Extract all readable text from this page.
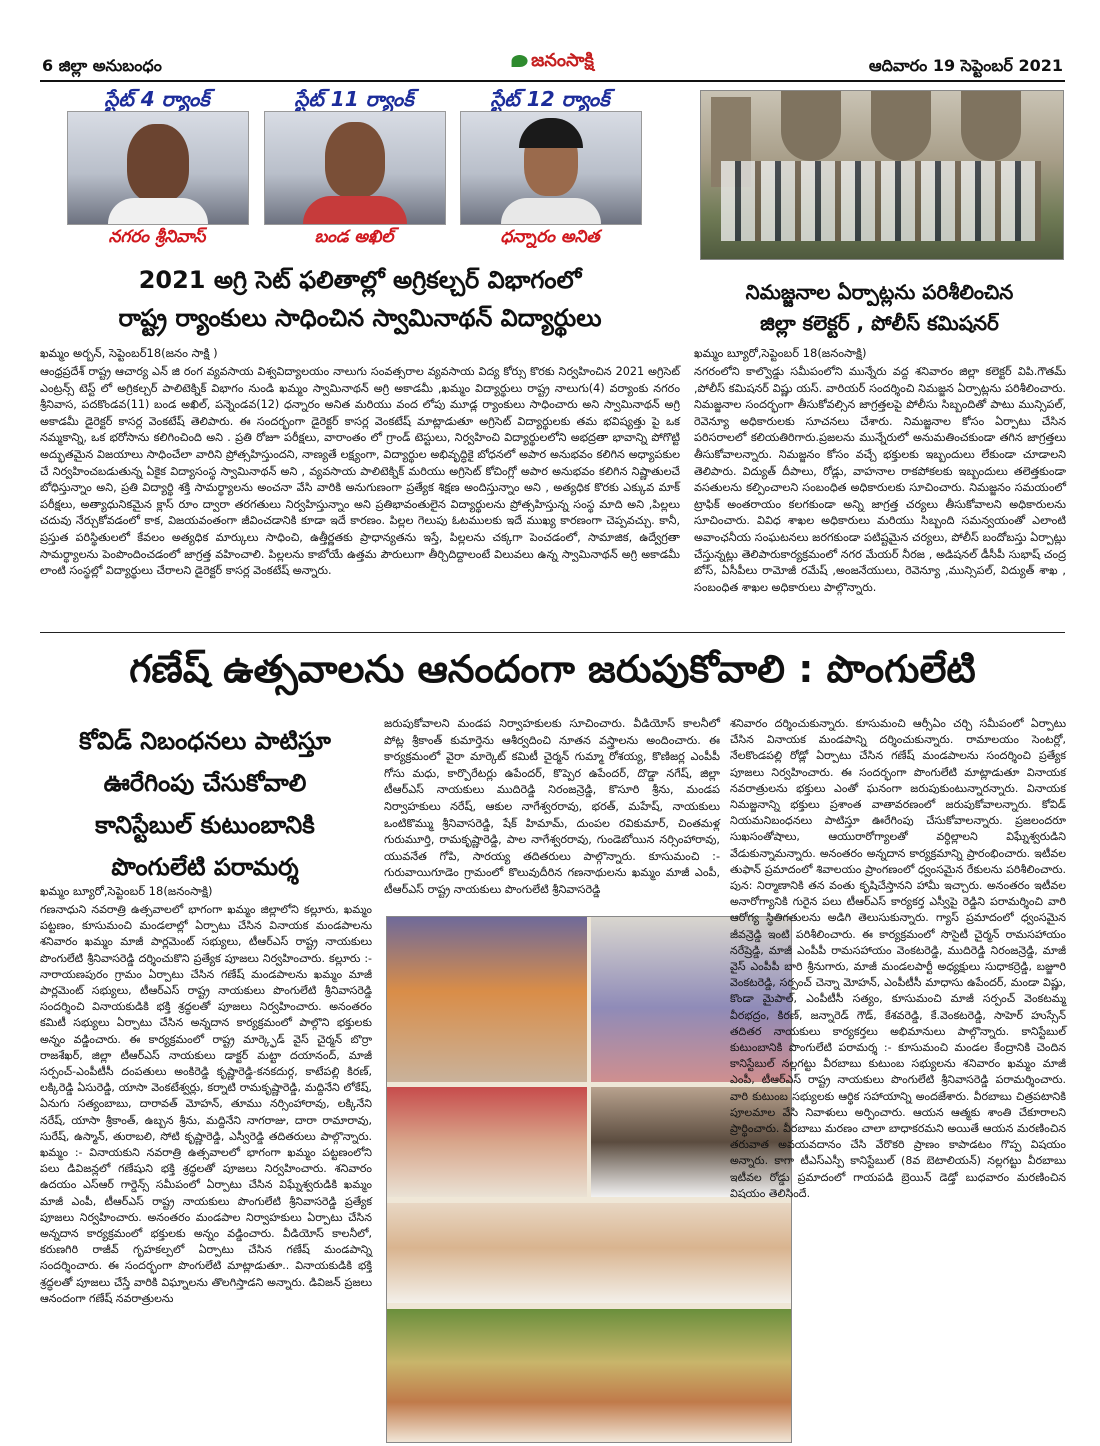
6 జిల్లా అనుబంధం	జనంసాక్షి	ఆదివారం 19 సెప్టెంబర్ 2021
స్టేట్ 4 ర్యాంక్
నగరం శ్రీనివాస్
స్టేట్ 11 ర్యాంక్
బండ అఖిల్
స్టేట్ 12 ర్యాంక్
ధన్నారం అనిత
2021 అగ్రి సెట్ ఫలితాల్లో అగ్రికల్చర్ విభాగంలో
రాష్ట్ర ర్యాంకులు సాధించిన స్వామినాథన్ విద్యార్థులు
ఖమ్మం అర్బన్, సెప్టెంబర్18(జనం సాక్షి )
ఆంధ్రప్రదేశ్ రాష్ట్ర ఆచార్య ఎన్ జి రంగ వ్యవసాయ విశ్వవిద్యాలయం నాలుగు సంవత్సరాల వ్యవసాయ విద్య కోర్సు కొరకు నిర్వహించిన 2021 అగ్రిసెట్ ఎంట్రన్స్ టెస్ట్ లో అగ్రికల్చర్ పాలిటెక్నిక్ విభాగం నుండి ఖమ్మం స్వామినాథన్ అగ్రి అకాడమీ ,ఖమ్మం విద్యార్థులు రాష్ట్ర నాలుగు(4) వర్యాంకు నగరం శ్రీనివాస, పదకొండవ(11) బండ అఖిల్, పన్నెండవ(12) ధన్నారం అనిత మరియు వంద లోపు మూడ్ల ర్యాంకులు సాధించారు అని స్వామినాథన్ అగ్రి అకాడమీ డైరెక్టర్ కాసర్ల వెంకటేష్ తెలిపారు. ఈ సందర్భంగా డైరెక్టర్ కాసర్ల వెంకటేష్ మాట్లాడుతూ అగ్రిసెట్ విద్యార్థులకు తమ భవిష్యత్తు పై ఒక నమ్మకాన్ని, ఒక భరోసాను కలిగించింది అని . ప్రతి రోజూ పరీక్షలు, వారాంతం లో గ్రాండ్ టెస్టులు, నిర్వహించి విద్యార్థులలోని అభద్రతా భావాన్ని పోగొట్టి అద్భుతమైన విజయాలు సాధించేలా వారిని ప్రోత్సహిస్తుందని, నాణ్యతే లక్ష్యంగా, విద్యార్థుల అభివృద్ధికై బోధనలో అపార అనుభవం కలిగిన అధ్యాపకుల చే నిర్వహించబడుతున్న ఏకైక విద్యాసంస్థ స్వామినాథన్ అని , వ్యవసాయ పాలిటెక్నిక్ మరియు అగ్రిసెట్ కోచింగ్లో అపార అనుభవం కలిగిన నిష్ణాతులచే బోధిస్తున్నాం అని, ప్రతి విద్యార్థి శక్తి సామర్థ్యాలను అంచనా వేసి వారికి అనుగుణంగా ప్రత్యేక శిక్షణ అందిస్తున్నాం అని , అత్యధిక కొరకు ఎక్కువ మాక్ పరీక్షలు, అత్యాధునికమైన క్లాస్ రూం ద్వారా తరగతులు నిర్వహిస్తున్నాం అని ప్రతిభావంతులైన విద్యార్థులను ప్రోత్సహిస్తున్న సంస్థ మాది అని ,పిల్లలు చదువు నేర్చుకోవడంలో కాక, విజయవంతంగా జీవించడానికి కూడా ఇదే కారణం. పిల్లల గెలుపు ఓటములకు ఇదే ముఖ్య కారణంగా చెప్పవచ్చు. కానీ, ప్రస్తుత పరిస్థితులలో కేవలం అత్యధిక మార్కులు సాధించి, ఉత్తీర్ణతకు ప్రాధాన్యతను ఇస్తే, పిల్లలను చక్కగా పెంచడంలో, సామాజిక, ఉద్వేగ్రతా సామర్థ్యాలను పెంపొందించడంలో జాగ్రత్త వహించాలి. పిల్లలను కాబోయే ఉత్తమ పౌరులుగా తీర్చిదిద్దాలంటే విలువలు ఉన్న స్వామినాథన్ అగ్రి అకాడమీ లాంటి సంస్థల్లో విద్యార్థులు చేరాలని డైరెక్టర్ కాసర్ల వెంకటేష్ అన్నారు.
నిమజ్జనాల ఏర్పాట్లను పరిశీలించిన
జిల్లా కలెక్టర్ , పోలీస్ కమిషనర్
ఖమ్మం బ్యూరో,సెప్టెంబర్ 18(జనంసాక్షి)
నగరంలోని కాల్వొడ్డు సమీపంలోని మున్నేరు వద్ద శనివారం జిల్లా కలెక్టర్ విపి.గౌతమ్ ,పోలీస్ కమిషనర్ విష్ణు యస్. వారియర్ సందర్శించి నిమజ్జన ఏర్పాట్లను పరిశీలించారు. నిమజ్జనాల సందర్భంగా తీసుకోవల్సిన జాగ్రత్తలపై పోలీసు సిబ్బందితో పాటు మున్సిపల్, రెవెన్యూ అధికారులకు సూచనలు చేశారు. నిమజ్జనాల కోసం ఏర్పాటు చేసిన పరిసరాలలో కలియతిరిగారు.ప్రజలను మున్నేరులో అనుమతించకుండా తగిన జాగ్రత్తలు తీసుకోవాలన్నారు. నిమజ్జనం కోసం వచ్చే భక్తులకు ఇబ్బందులు లేకుండా చూడాలని తెలిపారు. విద్యుత్ దీపాలు, రోడ్లు, వాహనాల రాకపోకలకు ఇబ్బందులు తలెత్తకుండా వసతులను కల్పించాలని సంబంధిత అధికారులకు సూచించారు. నిమజ్జనం సమయంలో ట్రాఫిక్ అంతరాయం కలగకుండా అన్ని జాగ్రత్త చర్యలు తీసుకోవాలని అధికారులను సూచించారు. వివిధ శాఖల అధికారులు మరియు సిబ్బంది సమన్వయంతో ఎలాంటి అవాంఛనీయ సంఘటనలు జరగకుండా పటిష్టమైన చర్యలు, పోలీస్ బందోబస్తు ఏర్పాట్లు చేస్తున్నట్లు తెలిపారుకార్యక్రమంలో నగర మేయర్ నీరజ , అడిషనల్ డీసీపీ సుభాష్ చంద్ర బోస్, ఏసీపీలు రామోజీ రమేష్ ,అంజనేయులు, రెవెన్యూ ,మున్సిపల్, విద్యుత్ శాఖ , సంబంధిత శాఖల అధికారులు పాల్గొన్నారు.
గణేష్ ఉత్సవాలను ఆనందంగా జరుపుకోవాలి : పొంగులేటి
కోవిడ్ నిబంధనలు పాటిస్తూ
ఊరేగింపు చేసుకోవాలి
కానిస్టేబుల్ కుటుంబానికి
పొంగులేటి పరామర్శ
ఖమ్మం బ్యూరో,సెప్టెంబర్ 18(జనంసాక్షి)
గణనాధుని నవరాత్రి ఉత్సవాలలో భాగంగా ఖమ్మం జిల్లాలోని కల్లూరు, ఖమ్మం పట్టణం, కూసుమంచి మండలాల్లో ఏర్పాటు చేసిన వినాయక మండపాలను శనివారం ఖమ్మం మాజీ పార్లమెంట్ సభ్యులు, టీఆర్ఎస్ రాష్ట్ర నాయకులు పొంగులేటి శ్రీనివాసరెడ్డి దర్శించుకొని ప్రత్యేక పూజలు నిర్వహించారు. కల్లూరు :- నారాయణపురం గ్రామం ఏర్పాటు చేసిన గణేష్ మండపాలను ఖమ్మం మాజీ పార్లమెంట్ సభ్యులు, టీఆర్ఎస్ రాష్ట్ర నాయకులు పొంగులేటి శ్రీనివాసరెడ్డి సందర్శించి వినాయకుడికి భక్తి శ్రద్ధలతో పూజలు నిర్వహించారు. అనంతరం కమిటీ సభ్యులు ఏర్పాటు చేసిన అన్నదాన కార్యక్రమంలో పాల్గొని భక్తులకు అన్నం వడ్డించారు. ఈ కార్యక్రమంలో రాష్ట్ర మార్క్ఫెడ్ వైస్ చైర్మన్ బొర్రా రాజశేఖర్, జిల్లా టీఆర్ఎస్ నాయకులు డాక్టర్ మట్టా దయానంద్, మాజీ సర్పంచ్-ఎంపీటీసీ దంపతులు అంకిరెడ్డి కృష్ణారెడ్డి-కనకదుర్గ, కాటేపల్లి కిరణ్, లక్కిరెడ్డి ఏసురెడ్డి, యాసా వెంకటేశ్వర్లు, కర్నాటి రామకృష్ణారెడ్డి, మద్దినేని లోకేష్, ఏనుగు సత్యంబాబు, దారావత్ మోహన్, తూము నర్సింహారావు, లక్కినేని నరేష్, యాసా శ్రీకాంత్, ఉబ్బన శ్రీను, మద్దినేని నాగరాజు, దారా రామారావు, సురేష్, ఉస్మాన్, తురాబలి, సోటి కృష్ణారెడ్డి, ఎస్వీరెడ్డి తదితరులు పాల్గొన్నారు. ఖమ్మం :- వినాయకుని నవరాత్రి ఉత్సవాలలో భాగంగా ఖమ్మం పట్టణంలోని పలు డివిజన్లలో గణేషుని భక్తి శ్రద్ధలతో పూజలు నిర్వహించారు. శనివారం ఉదయం ఎస్ఆర్ గార్డెన్స్ సమీపంలో ఏర్పాటు చేసిన విఘ్నేశ్వరుడికి ఖమ్మం మాజీ ఎంపీ, టీఆర్ఎస్ రాష్ట్ర నాయకులు పొంగులేటి శ్రీనివాసరెడ్డి ప్రత్యేక పూజలు నిర్వహించారు. అనంతరం మండపాల నిర్వాహకులు ఏర్పాటు చేసిన అన్నదాన కార్యక్రమంలో భక్తులకు అన్నం వడ్డించారు. వీడియోస్ కాలనీలో, కరుణగిరి రాజీవ్ గృహకల్పలో ఏర్పాటు చేసిన గణేష్ మండపాన్ని సందర్శించారు. ఈ సందర్భంగా పొంగులేటి మాట్లాడుతూ.. వినాయకుడికి భక్తి శ్రద్ధలతో పూజలు చేస్తే వారికి విఘ్నాలను తొలగిస్తాడని అన్నారు. డివిజన్ ప్రజలు ఆనందంగా గణేష్ నవరాత్రులను
జరుపుకోవాలని మండప నిర్వాహకులకు సూచించారు. వీడియోస్ కాలనీలో పోట్ల శ్రీకాంత్ కుమార్తెను ఆశీర్వదించి నూతన వస్త్రాలను అందించారు. ఈ కార్యక్రమంలో వైరా మార్కెట్ కమిటీ చైర్మన్ గుమ్మా రోశయ్య, కొణిజర్ల ఎంపీపీ గోసు మధు, కార్పొరేటర్లు ఉపేందర్, కొప్పెర ఉపేందర్, దొడ్డా నగేష్, జిల్లా టీఆర్ఎస్ నాయకులు ముదిరెడ్డి నిరంజన్రెడ్డి, కొసూరి శ్రీను, మండప నిర్వాహకులు నరేష్, ఆకుల నాగేశ్వరరావు, భరత్, మహేష్, నాయకులు ఒంటికొమ్ము శ్రీనివాసరెడ్డి, షేక్ హిమామ్, దుంపల రవికుమార్, చింతమళ్ల గురుమూర్తి, రామకృష్ణారెడ్డి, పాల నాగేశ్వరరావు, గుండెబోయిన నర్సింహారావు, యువనేత గోపి, సారయ్య తదితరులు పాల్గొన్నారు. కూసుమంచి :- గురువాయిగూడెం గ్రామంలో కొలువుదీరిన గణనాథులను ఖమ్మం మాజీ ఎంపీ, టీఆర్ఎస్ రాష్ట్ర నాయకులు పొంగులేటి శ్రీనివాసరెడ్డి
శనివారం దర్శించుకున్నారు. కూసుమంచి ఆర్సీఏం చర్చి సమీపంలో ఏర్పాటు చేసిన వినాయక మండపాన్ని దర్శించుకున్నారు. రామాలయం సెంటర్లో, నేలకొండపల్లి రోడ్లో ఏర్పాటు చేసిన గణేష్ మండపాలను సందర్శించి ప్రత్యేక పూజలు నిర్వహించారు. ఈ సందర్భంగా పొంగులేటి మాట్లాడుతూ వినాయక నవరాత్రులను భక్తులు ఎంతో ఘనంగా జరుపుకుంటున్నారన్నారు. వినాయక నిమజ్జనాన్ని భక్తులు ప్రశాంత వాతావరణంలో జరుపుకోవాలన్నారు. కోవిడ్ నియమనిబంధనలు పాటిస్తూ ఊరేగింపు చేసుకోవాలన్నారు. ప్రజలందరూ సుఖసంతోషాలు, ఆయురారోగ్యాలతో వర్ధిల్లాలని విఘ్నేశ్వరుడిని వేడుకున్నామన్నారు. అనంతరం అన్నదాన కార్యక్రమాన్ని ప్రారంభించారు. ఇటీవల తుఫాన్ ప్రమాదంలో శివాలయం ప్రాంగణంలో ధ్వంసమైన రేకులను పరిశీలించారు. పున: నిర్మాణానికి తన వంతు కృషిచేస్తానని హామీ ఇచ్చారు. అనంతరం ఇటీవల అనారోగ్యానికి గురైన పలు టీఆర్ఎస్ కార్యకర్త ఎస్వీపై రెడ్డిని పరామర్శించి వారి ఆరోగ్య స్థితిగతులను అడిగి తెలుసుకున్నారు. గ్యాస్ ప్రమాదంలో ధ్వంసమైన జీవన్రెడ్డి ఇంటి పరిశీలించారు. ఈ కార్యక్రమంలో సొసైటీ చైర్మన్ రామసహాయం నరేష్రెడ్డి, మాజీ ఎంపీపీ రామసహాయం వెంకటరెడ్డి, ముదిరెడ్డి నిరంజన్రెడ్డి, మాజీ వైస్ ఎంపీపీ బారి శ్రీనుగారు, మాజీ మండలపార్టీ అధ్యక్షులు సుధాకర్రెడ్డి, బజ్జూరి వెంకటరెడ్డి, సర్పంచ్ చెన్నా మోహన్, ఎంపీటీసీ మాధాసు ఉపేందర్, మండా విష్ణు, కొండా మైపాల్, ఎంపీటీసీ సత్యం, కూసుమంచి మాజీ సర్పంచ్ వెంకటమ్మ వీరభద్రం, కిరణ్, జన్నారెడ్ గౌడ్, కేశవరెడ్డి, కే.వెంకటరెడ్డి, సాహెర్ హుస్సేన్ తదితర నాయకులు కార్యకర్తలు అభిమానులు పాల్గొన్నారు. కానిస్టేబుల్ కుటుంబానికి పొంగులేటి పరామర్శ :- కూసుమంచి మండల కేంద్రానికి చెందిన కానిస్టేబుల్ నల్లగట్టు వీరబాబు కుటుంబ సభ్యులను శనివారం ఖమ్మం మాజీ ఎంపీ, టీఆర్ఎస్ రాష్ట్ర నాయకులు పొంగులేటి శ్రీనివాసరెడ్డి పరామర్శించారు. వారి కుటుంబ సభ్యులకు ఆర్థిక సహాయాన్ని అందజేశారు. వీరబాబు చిత్రపటానికి పూలమాల వేసి నివాళులు అర్పించారు. ఆయన ఆత్మకు శాంతి చేకూరాలని ప్రార్థించారు. వీరబాబు మరణం చాలా బాధాకరమని అయితే ఆయన మరణించిన తరువాత అవయవదానం చేసి వేరొకరి ప్రాణం కాపాడటం గొప్ప విషయం అన్నారు. కాగా టీఎస్ఎస్పీ కానిస్టేబుల్ (8వ బెటాలియన్) నల్లగట్టు వీరబాబు ఇటీవల రోడ్డు ప్రమాదంలో గాయపడి బ్రెయిన్ డెడ్తో బుధవారం మరణించిన విషయం తెలిసిందే.
